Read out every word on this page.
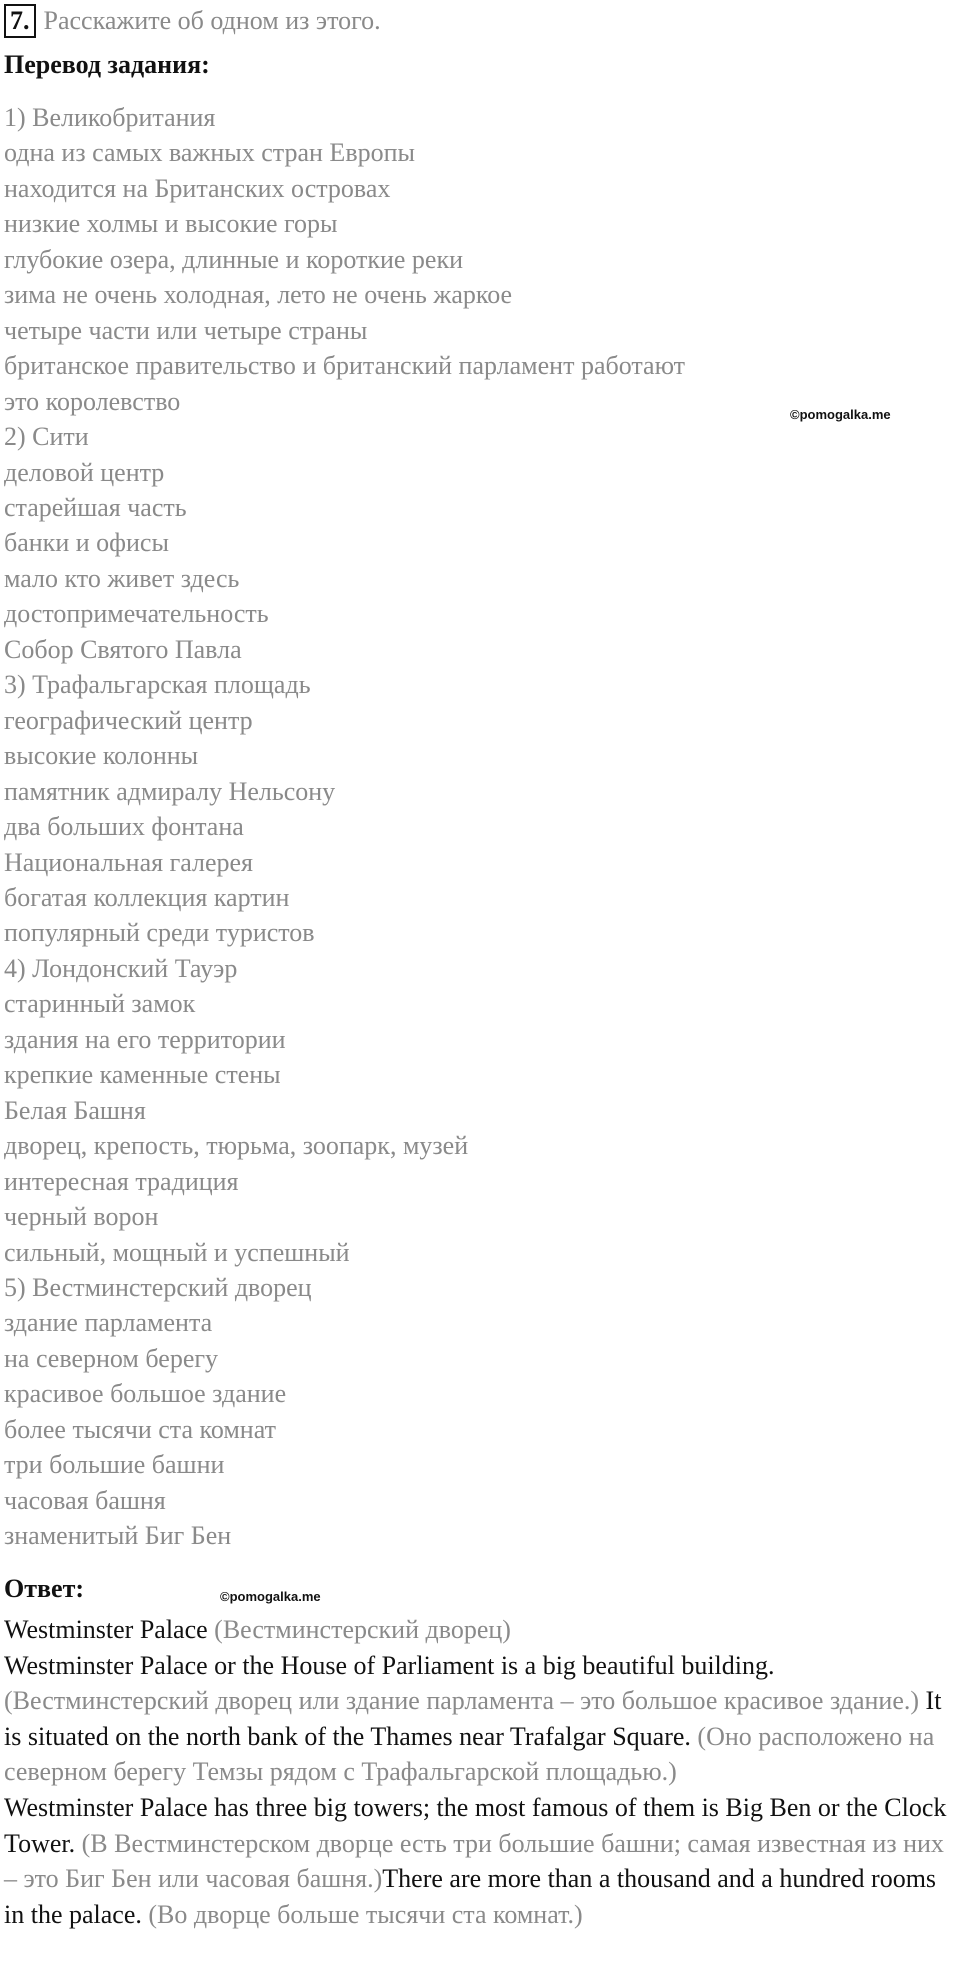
7. Расскажите об одном из этого.
Перевод задания:
1) Великобритания
одна из самых важных стран Европы
находится на Британских островах
низкие холмы и высокие горы
глубокие озера, длинные и короткие реки
зима не очень холодная, лето не очень жаркое
четыре части или четыре страны
британское правительство и британский парламент работают
это королевство
2) Сити
деловой центр
старейшая часть
банки и офисы
мало кто живет здесь
достопримечательность
Собор Святого Павла
3) Трафальгарская площадь
географический центр
высокие колонны
памятник адмиралу Нельсону
два больших фонтана
Национальная галерея
богатая коллекция картин
популярный среди туристов
4) Лондонский Тауэр
старинный замок
здания на его территории
крепкие каменные стены
Белая Башня
дворец, крепость, тюрьма, зоопарк, музей
интересная традиция
черный ворон
сильный, мощный и успешный
5) Вестминстерский дворец
здание парламента
на северном берегу
красивое большое здание
более тысячи ста комнат
три большие башни
часовая башня
знаменитый Биг Бен
©pomogalka.me
Ответ:	©pomogalka.me

Westminster Palace (Вестминстерский дворец)

Westminster Palace or the House of Parliament is a big beautiful building. (Вестминстерский дворец или здание парламента – это большое красивое здание.) It is situated on the north bank of the Thames near Trafalgar Square. (Оно расположено на северном берегу Темзы рядом с Трафальгарской площадью.)

Westminster Palace has three big towers; the most famous of them is Big Ben or the Clock Tower. (В Вестминстерском дворце есть три большие башни; самая известная из них – это Биг Бен или часовая башня.)There are more than a thousand and a hundred rooms in the palace. (Во дворце больше тысячи ста комнат.)
